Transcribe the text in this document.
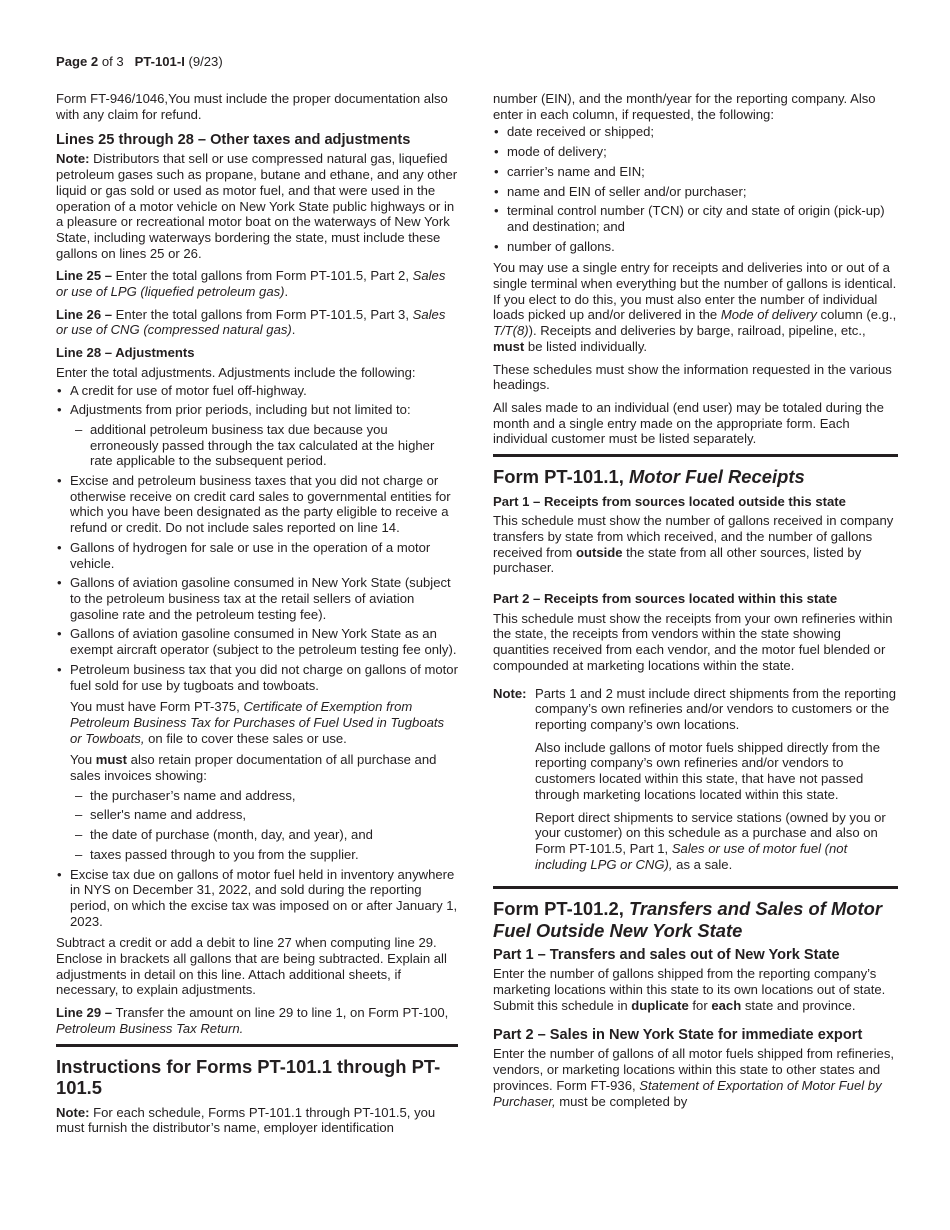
Page 2 of 3 PT-101-I (9/23)

Form FT-946/1046,You must include the proper documentation also with any claim for refund.

Lines 25 through 28 – Other taxes and adjustments

Note: Distributors that sell or use compressed natural gas, liquefied petroleum gases such as propane, butane and ethane, and any other liquid or gas sold or used as motor fuel, and that were used in the operation of a motor vehicle on New York State public highways or in a pleasure or recreational motor boat on the waterways of New York State, including waterways bordering the state, must include these gallons on lines 25 or 26.

Line 25 – Enter the total gallons from Form PT-101.5, Part 2, Sales or use of LPG (liquefied petroleum gas).

Line 26 – Enter the total gallons from Form PT-101.5, Part 3, Sales or use of CNG (compressed natural gas).

Line 28 – Adjustments

Enter the total adjustments. Adjustments include the following:

• A credit for use of motor fuel off-highway.
• Adjustments from prior periods, including but not limited to:
– additional petroleum business tax due because you erroneously passed through the tax calculated at the higher rate applicable to the subsequent period.
• Excise and petroleum business taxes that you did not charge or otherwise receive on credit card sales to governmental entities for which you have been designated as the party eligible to receive a refund or credit. Do not include sales reported on line 14.
• Gallons of hydrogen for sale or use in the operation of a motor vehicle.
• Gallons of aviation gasoline consumed in New York State (subject to the petroleum business tax at the retail sellers of aviation gasoline rate and the petroleum testing fee).
• Gallons of aviation gasoline consumed in New York State as an exempt aircraft operator (subject to the petroleum testing fee only).
• Petroleum business tax that you did not charge on gallons of motor fuel sold for use by tugboats and towboats.
You must have Form PT-375, Certificate of Exemption from Petroleum Business Tax for Purchases of Fuel Used in Tugboats or Towboats, on file to cover these sales or use.
You must also retain proper documentation of all purchase and sales invoices showing:
– the purchaser’s name and address,
– seller's name and address,
– the date of purchase (month, day, and year), and
– taxes passed through to you from the supplier.
• Excise tax due on gallons of motor fuel held in inventory anywhere in NYS on December 31, 2022, and sold during the reporting period, on which the excise tax was imposed on or after January 1, 2023.

Subtract a credit or add a debit to line 27 when computing line 29. Enclose in brackets all gallons that are being subtracted. Explain all adjustments in detail on this line. Attach additional sheets, if necessary, to explain adjustments.

Line 29 – Transfer the amount on line 29 to line 1, on Form PT-100, Petroleum Business Tax Return.

Instructions for Forms PT-101.1 through PT-101.5

Note: For each schedule, Forms PT-101.1 through PT-101.5, you must furnish the distributor’s name, employer identification

number (EIN), and the month/year for the reporting company. Also enter in each column, if requested, the following:

• date received or shipped;
• mode of delivery;
• carrier’s name and EIN;
• name and EIN of seller and/or purchaser;
• terminal control number (TCN) or city and state of origin (pick-up) and destination; and
• number of gallons.

You may use a single entry for receipts and deliveries into or out of a single terminal when everything but the number of gallons is identical. If you elect to do this, you must also enter the number of individual loads picked up and/or delivered in the Mode of delivery column (e.g., T/T(8)). Receipts and deliveries by barge, railroad, pipeline, etc., must be listed individually.

These schedules must show the information requested in the various headings.

All sales made to an individual (end user) may be totaled during the month and a single entry made on the appropriate form. Each individual customer must be listed separately.

Form PT-101.1, Motor Fuel Receipts
Part 1 – Receipts from sources located outside this state

This schedule must show the number of gallons received in company transfers by state from which received, and the number of gallons received from outside the state from all other sources, listed by purchaser.

Part 2 – Receipts from sources located within this state

This schedule must show the receipts from your own refineries within the state, the receipts from vendors within the state showing quantities received from each vendor, and the motor fuel blended or compounded at marketing locations within the state.

Note: Parts 1 and 2 must include direct shipments from the reporting company’s own refineries and/or vendors to customers or the reporting company’s own locations.

Also include gallons of motor fuels shipped directly from the reporting company’s own refineries and/or vendors to customers located within this state, that have not passed through marketing locations located within this state.

Report direct shipments to service stations (owned by you or your customer) on this schedule as a purchase and also on Form PT-101.5, Part 1, Sales or use of motor fuel (not including LPG or CNG), as a sale.

Form PT-101.2, Transfers and Sales of Motor Fuel Outside New York State
Part 1 – Transfers and sales out of New York State

Enter the number of gallons shipped from the reporting company’s marketing locations within this state to its own locations out of state. Submit this schedule in duplicate for each state and province.

Part 2 – Sales in New York State for immediate export

Enter the number of gallons of all motor fuels shipped from refineries, vendors, or marketing locations within this state to other states and provinces. Form FT-936, Statement of Exportation of Motor Fuel by Purchaser, must be completed by
